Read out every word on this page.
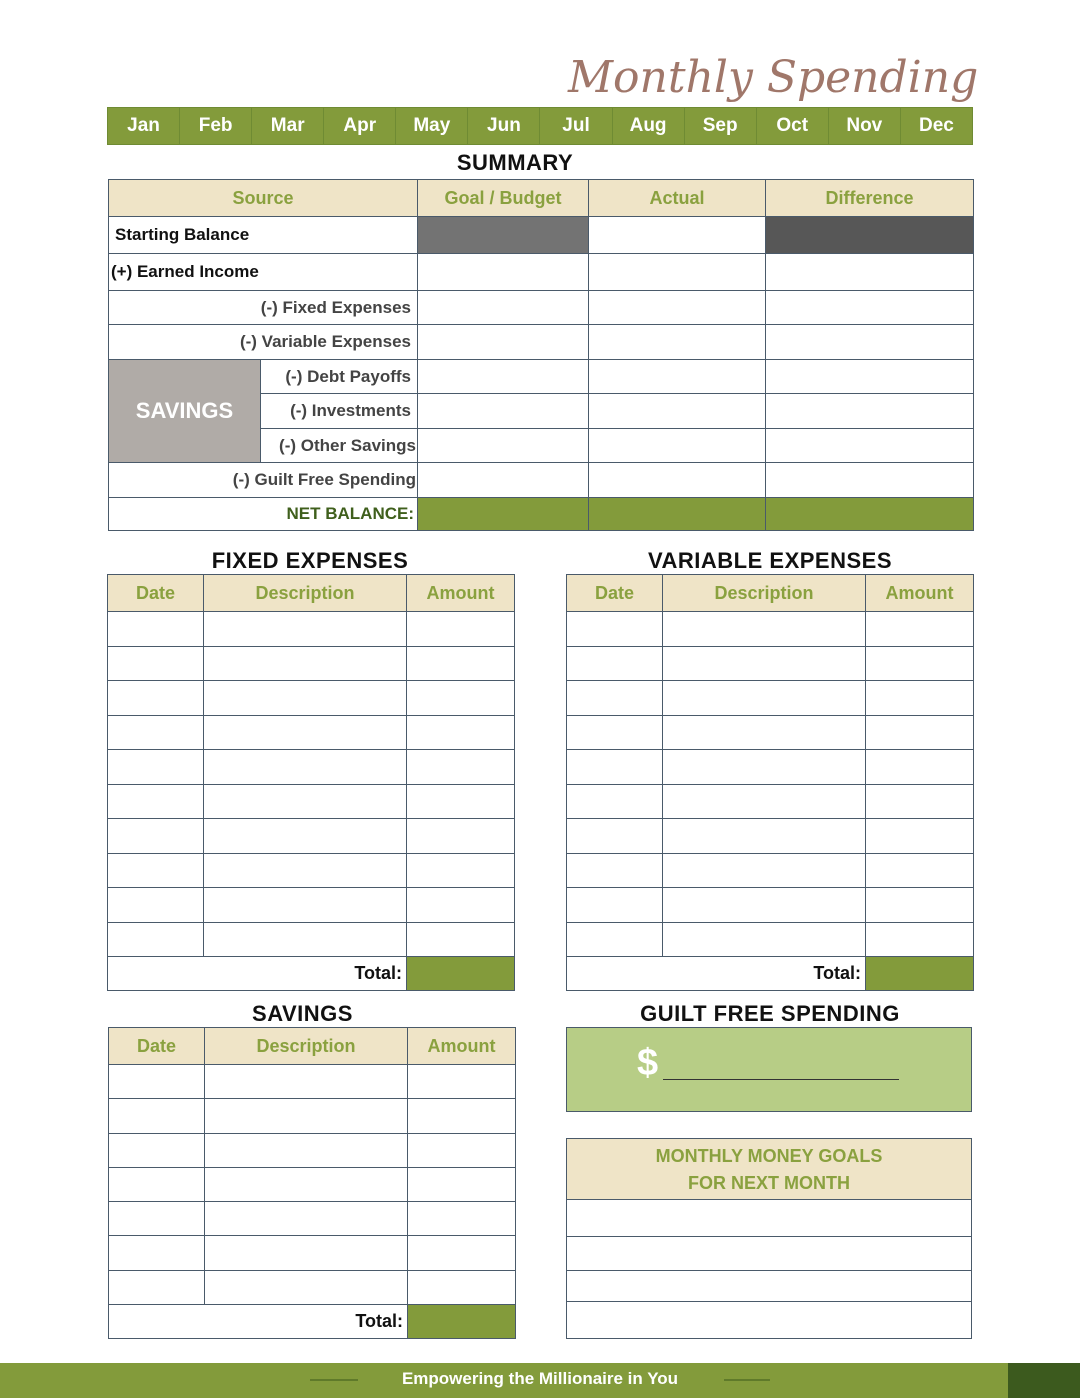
Monthly Spending
Jan	Feb	Mar	Apr	May	Jun	Jul	Aug	Sep	Oct	Nov	Dec
SUMMARY
Source		Goal / Budget	Actual	Difference
Starting Balance				
(+) Earned Income				
(-) Fixed Expenses				
(-) Variable Expenses				
SAVINGS	(-) Debt Payoffs			
	(-) Investments			
	(-) Other Savings			
(-) Guilt Free Spending				
NET BALANCE:				
FIXED EXPENSES
Date	Description	Amount

Total:		
VARIABLE EXPENSES
Date	Description	Amount

Total:		
SAVINGS
Date	Description	Amount

Total:		
GUILT FREE SPENDING
$
MONTHLY MONEY GOALS
FOR NEXT MONTH
Empowering the Millionaire in You
